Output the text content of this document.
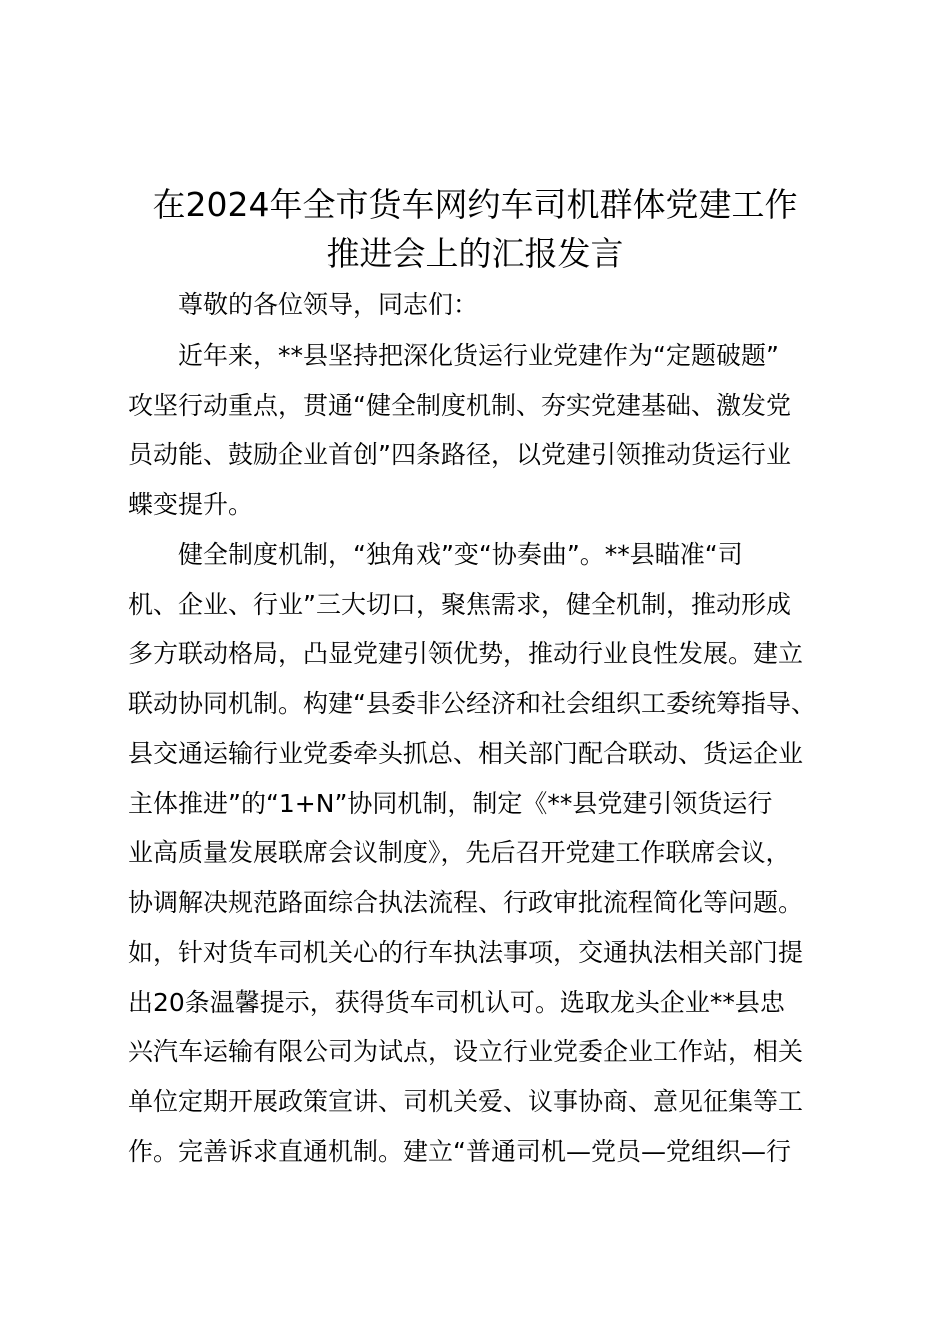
在2024年全市货车网约车司机群体党建工作
推进会上的汇报发言
尊敬的各位领导，同志们：
近年来，**县坚持把深化货运行业党建作为“定题破题”
攻坚行动重点，贯通“健全制度机制、夯实党建基础、激发党
员动能、鼓励企业首创”四条路径，以党建引领推动货运行业
蝶变提升。
健全制度机制，“独角戏”变“协奏曲”。**县瞄准“司
机、企业、行业”三大切口，聚焦需求，健全机制，推动形成
多方联动格局，凸显党建引领优势，推动行业良性发展。建立
联动协同机制。构建“县委非公经济和社会组织工委统筹指导、
县交通运输行业党委牵头抓总、相关部门配合联动、货运企业
主体推进”的“1+N”协同机制，制定《**县党建引领货运行
业高质量发展联席会议制度》，先后召开党建工作联席会议，
协调解决规范路面综合执法流程、行政审批流程简化等问题。
如，针对货车司机关心的行车执法事项，交通执法相关部门提
出20条温馨提示，获得货车司机认可。选取龙头企业**县忠
兴汽车运输有限公司为试点，设立行业党委企业工作站，相关
单位定期开展政策宣讲、司机关爱、议事协商、意见征集等工
作。完善诉求直通机制。建立“普通司机—党员—党组织—行
